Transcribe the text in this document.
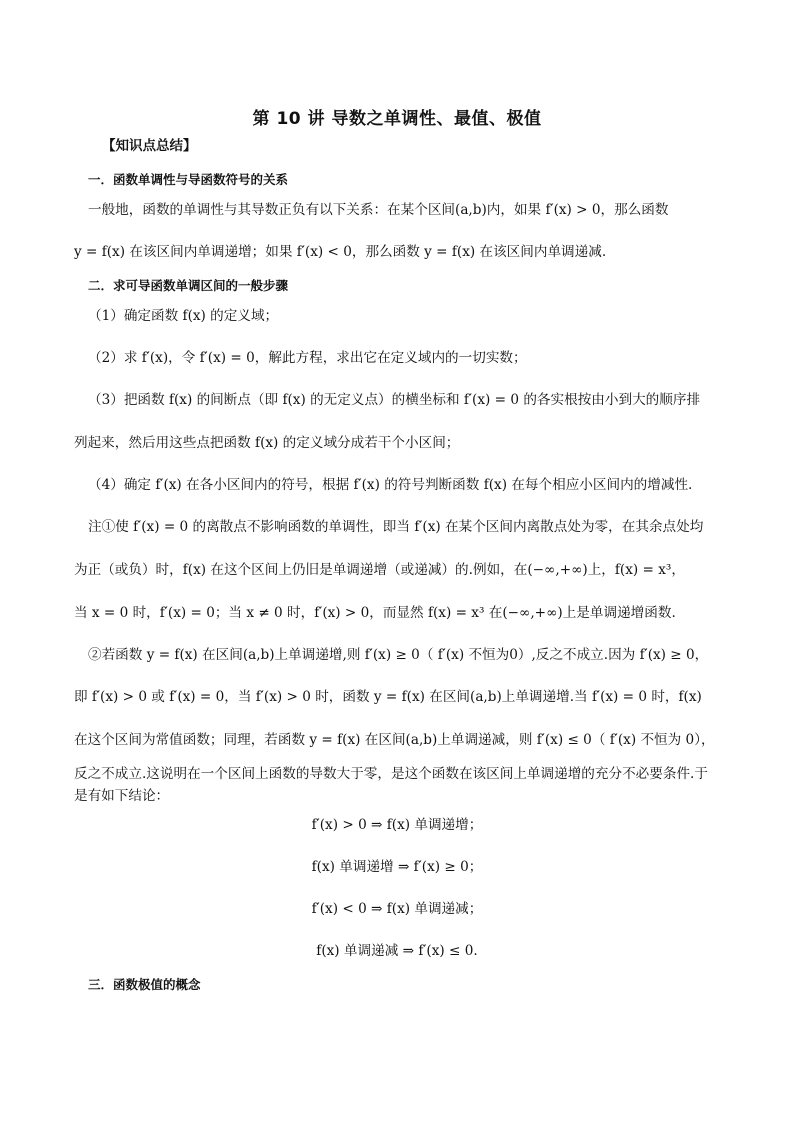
第 10 讲 导数之单调性、最值、极值
【知识点总结】
一．函数单调性与导函数符号的关系
一般地，函数的单调性与其导数正负有以下关系：在某个区间(a,b)内，如果 f′(x) > 0，那么函数
y = f(x) 在该区间内单调递增；如果 f′(x) < 0，那么函数 y = f(x) 在该区间内单调递减.
二．求可导函数单调区间的一般步骤
（1）确定函数 f(x) 的定义域；
（2）求 f′(x)，令 f′(x) = 0，解此方程，求出它在定义域内的一切实数；
（3）把函数 f(x) 的间断点（即 f(x) 的无定义点）的横坐标和 f′(x) = 0 的各实根按由小到大的顺序排
列起来，然后用这些点把函数 f(x) 的定义域分成若干个小区间；
（4）确定 f′(x) 在各小区间内的符号，根据 f′(x) 的符号判断函数 f(x) 在每个相应小区间内的增减性.
注①使 f′(x) = 0 的离散点不影响函数的单调性，即当 f′(x) 在某个区间内离散点处为零，在其余点处均
为正（或负）时，f(x) 在这个区间上仍旧是单调递增（或递减）的.例如，在(−∞,+∞)上，f(x) = x³，
当 x = 0 时，f′(x) = 0；当 x ≠ 0 时，f′(x) > 0，而显然 f(x) = x³ 在(−∞,+∞)上是单调递增函数.
②若函数 y = f(x) 在区间(a,b)上单调递增,则 f′(x) ≥ 0（ f′(x) 不恒为0）,反之不成立.因为 f′(x) ≥ 0，
即 f′(x) > 0 或 f′(x) = 0，当 f′(x) > 0 时，函数 y = f(x) 在区间(a,b)上单调递增.当 f′(x) = 0 时，f(x)
在这个区间为常值函数；同理，若函数 y = f(x) 在区间(a,b)上单调递减，则 f′(x) ≤ 0（ f′(x) 不恒为 0），
反之不成立.这说明在一个区间上函数的导数大于零，是这个函数在该区间上单调递增的充分不必要条件.于
是有如下结论：
f′(x) > 0 ⇒ f(x) 单调递增；
f(x) 单调递增 ⇒ f′(x) ≥ 0；
f′(x) < 0 ⇒ f(x) 单调递减；
f(x) 单调递减 ⇒ f′(x) ≤ 0.
三．函数极值的概念
